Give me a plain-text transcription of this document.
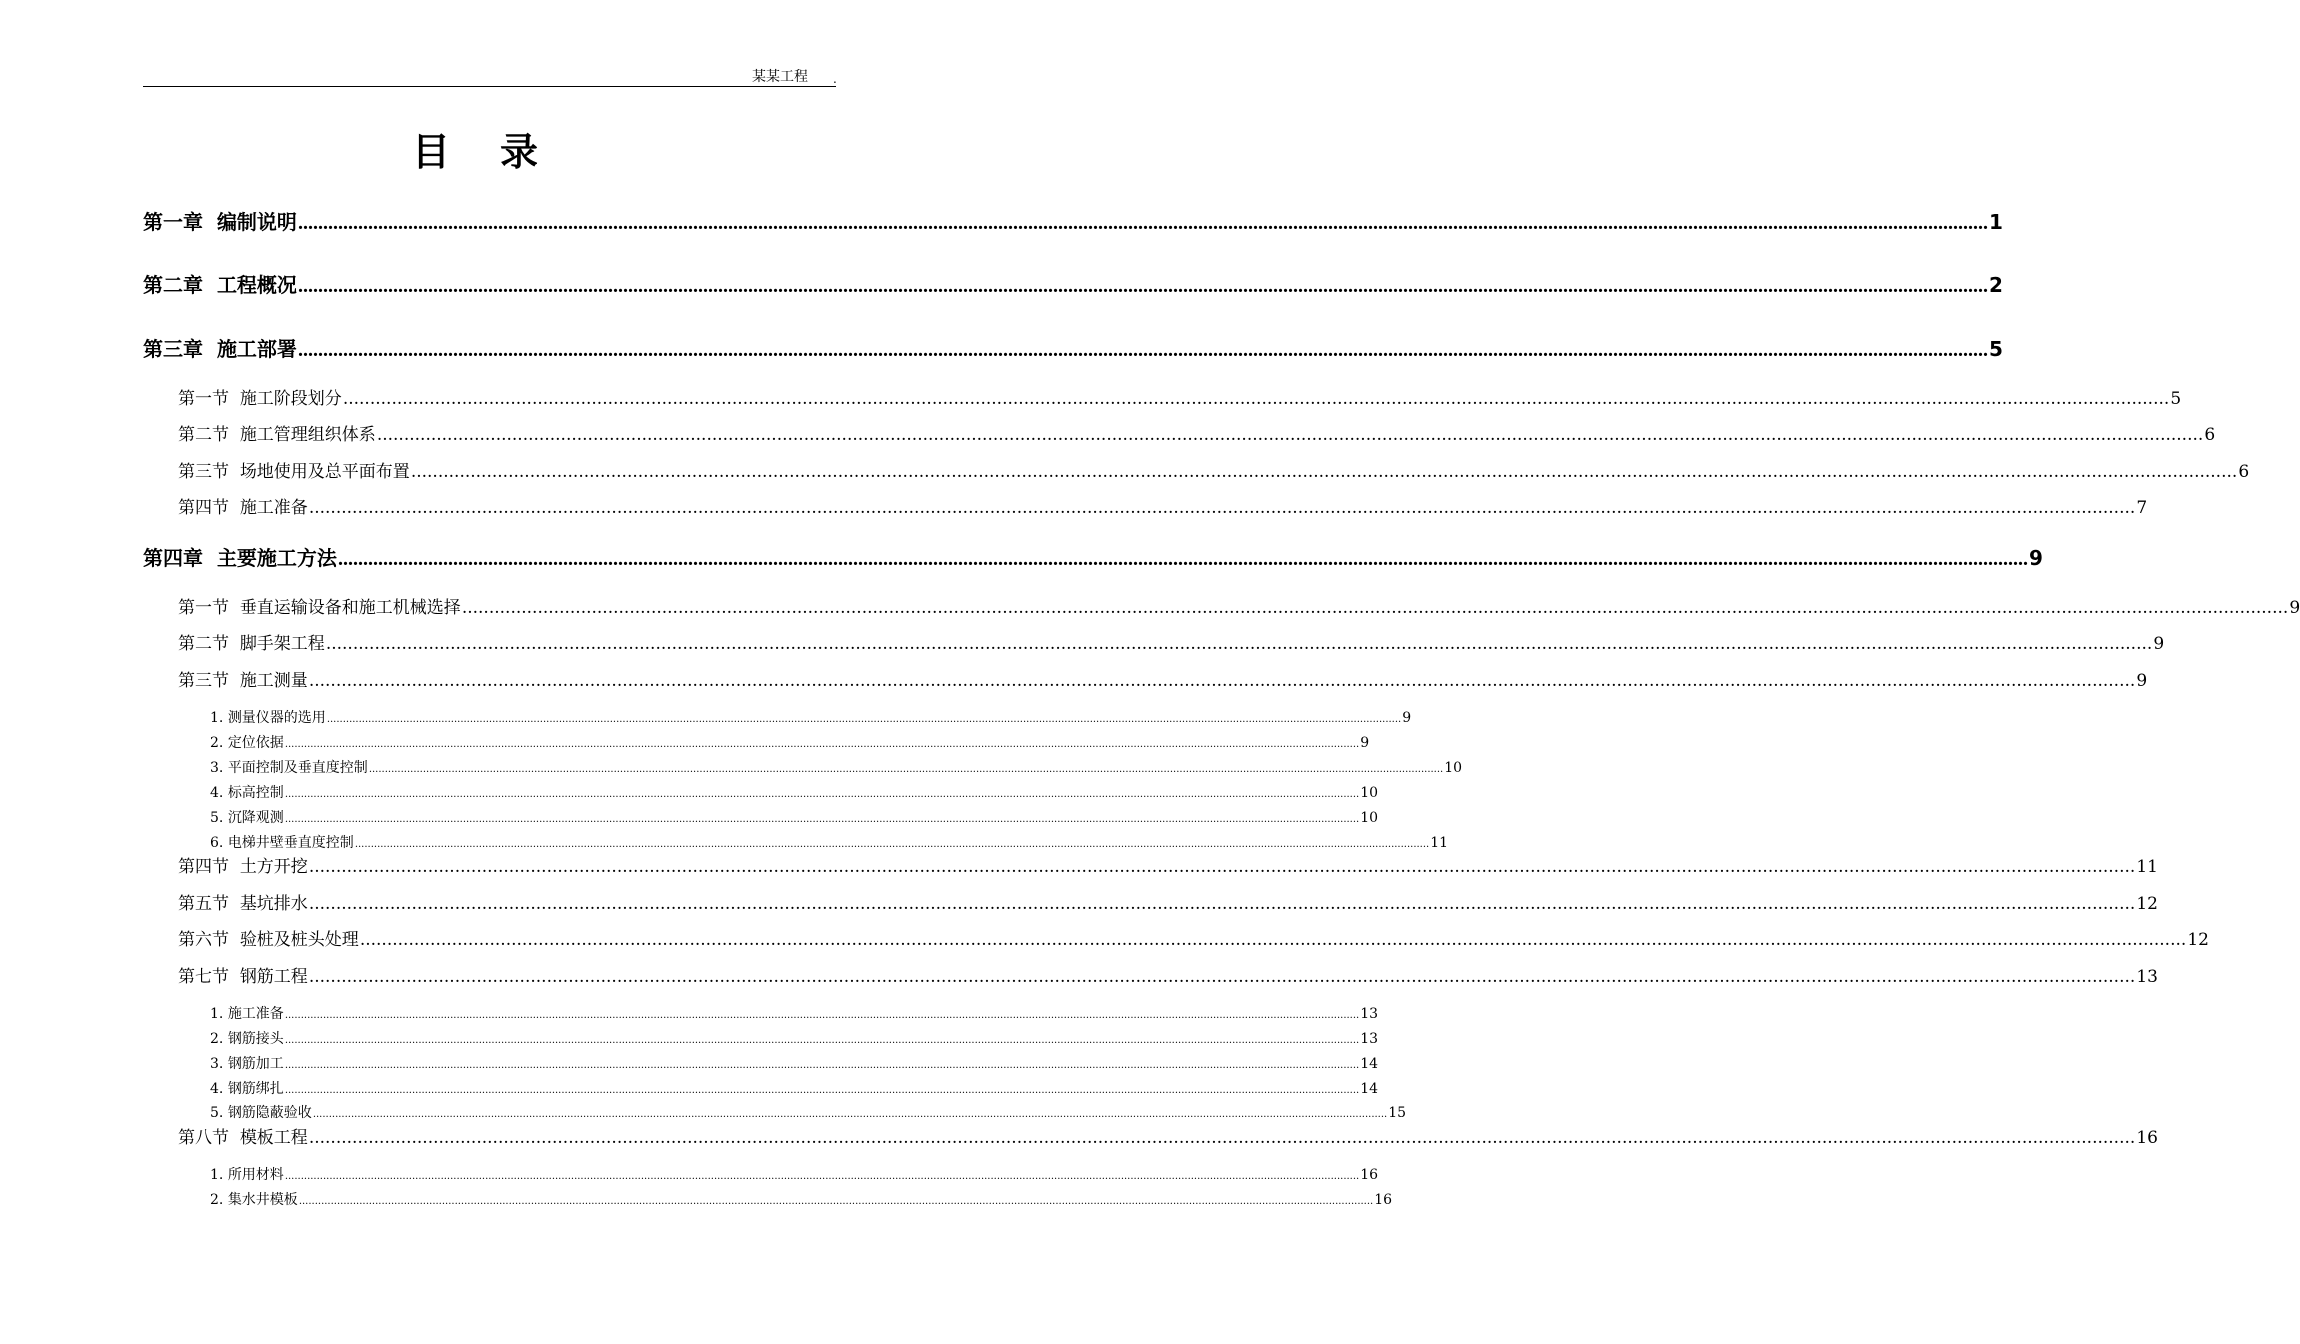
某某工程 .
目录
第一章 编制说明 .................................................................................................................................................................................................................................................................................................................................................. 1
第二章 工程概况 .................................................................................................................................................................................................................................................................................................................................................. 2
第三章 施工部署 .................................................................................................................................................................................................................................................................................................................................................. 5
第一节 施工阶段划分 .................................................................................................................................................................................................................................................................................................................................................. 5
第二节 施工管理组织体系 .................................................................................................................................................................................................................................................................................................................................................. 6
第三节 场地使用及总平面布置 .................................................................................................................................................................................................................................................................................................................................................. 6
第四节 施工准备 .................................................................................................................................................................................................................................................................................................................................................. 7
第四章 主要施工方法 .................................................................................................................................................................................................................................................................................................................................................. 9
第一节 垂直运输设备和施工机械选择 .................................................................................................................................................................................................................................................................................................................................................. 9
第二节 脚手架工程 .................................................................................................................................................................................................................................................................................................................................................. 9
第三节 施工测量 .................................................................................................................................................................................................................................................................................................................................................. 9
1. 测量仪器的选用 .................................................................................................................................................................................................................................................................................................................................................. 9
2. 定位依据 .................................................................................................................................................................................................................................................................................................................................................. 9
3. 平面控制及垂直度控制 .................................................................................................................................................................................................................................................................................................................................................. 10
4. 标高控制 .................................................................................................................................................................................................................................................................................................................................................. 10
5. 沉降观测 .................................................................................................................................................................................................................................................................................................................................................. 10
6. 电梯井壁垂直度控制 .................................................................................................................................................................................................................................................................................................................................................. 11
第四节 土方开挖 .................................................................................................................................................................................................................................................................................................................................................. 11
第五节 基坑排水 .................................................................................................................................................................................................................................................................................................................................................. 12
第六节 验桩及桩头处理 .................................................................................................................................................................................................................................................................................................................................................. 12
第七节 钢筋工程 .................................................................................................................................................................................................................................................................................................................................................. 13
1. 施工准备 .................................................................................................................................................................................................................................................................................................................................................. 13
2. 钢筋接头 .................................................................................................................................................................................................................................................................................................................................................. 13
3. 钢筋加工 .................................................................................................................................................................................................................................................................................................................................................. 14
4. 钢筋绑扎 .................................................................................................................................................................................................................................................................................................................................................. 14
5. 钢筋隐蔽验收 .................................................................................................................................................................................................................................................................................................................................................. 15
第八节 模板工程 .................................................................................................................................................................................................................................................................................................................................................. 16
1. 所用材料 .................................................................................................................................................................................................................................................................................................................................................. 16
2. 集水井模板 .................................................................................................................................................................................................................................................................................................................................................. 16
